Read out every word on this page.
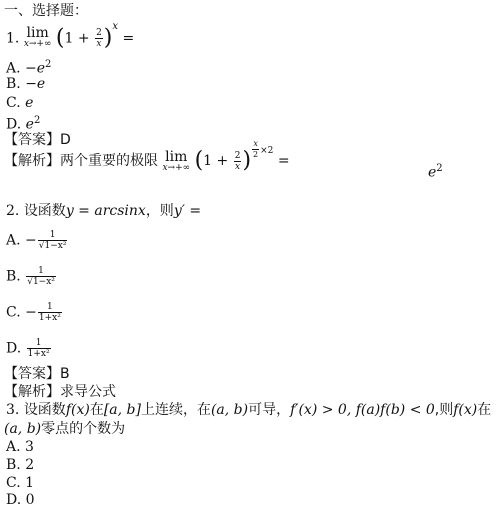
一、选择题：
1. lim
x→+∞ $(1 + \frac{2}{x} )^x$ =
A. $-e^2$
B. −e
C. e
D. $e^2$
【答案】D
【解析】两个重要的极限 lim
x→+∞ ($1 + \frac{2}{x}$ ) $\frac{x}{2} ^{\times 2}$ =
$e^2$
2. 设函数y = arcsinx，则y′ =
A. − $\frac{1}{\text{√1−x²}}$
B. $\frac{1}{\text{√1−x²}}$
C. − $\frac{1}{\text{1+x²}}$
D. $\frac{1}{\text{1+x²}}$
【答案】B
【解析】求导公式
3. 设函数f(x)在[a, b]上连续，在(a, b)可导，f′(x) > 0, f(a)f(b) < 0,则f(x)在
(a, b)零点的个数为
A. 3
B. 2
C. 1
D. 0
